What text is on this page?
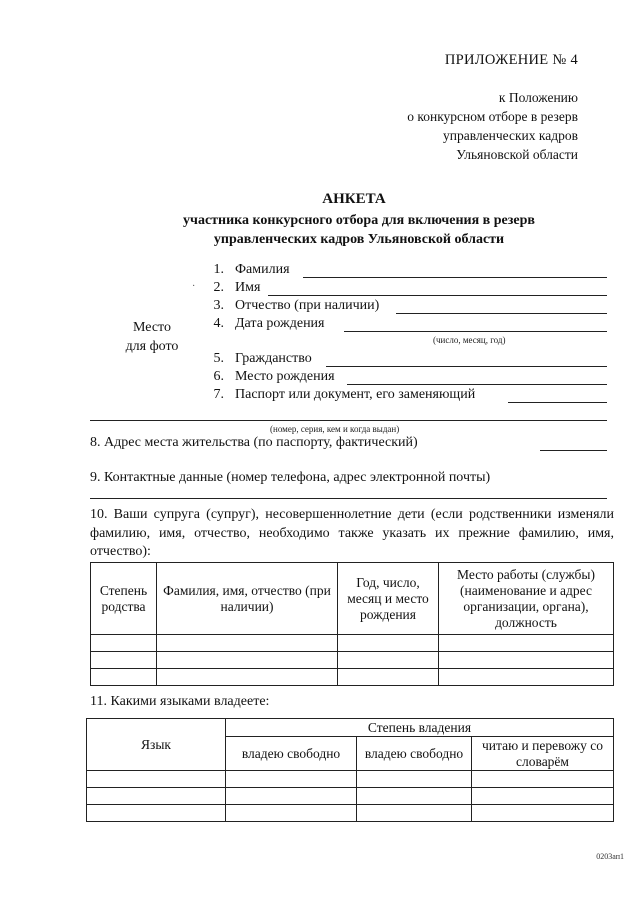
ПРИЛОЖЕНИЕ № 4
к Положению
о конкурсном отборе в резерв
управленческих кадров
Ульяновской области
АНКЕТА
участника конкурсного отбора для включения в резерв
управленческих кадров Ульяновской области
Место
для фото
1. Фамилия
·	2. Имя
3. Отчество (при наличии)
4. Дата рождения
(число, месяц, год)
5. Гражданство
6. Место рождения
7. Паспорт или документ, его заменяющий
(номер, серия, кем и когда выдан)
8. Адрес места жительства (по паспорту, фактический)
9. Контактные данные (номер телефона, адрес электронной почты)
10. Ваши супруга (супруг), несовершеннолетние дети (если родственники изменяли фамилию, имя, отчество, необходимо также указать их прежние фамилию, имя, отчество):
Степень родства	Фамилия, имя, отчество (при наличии)	Год, число, месяц и место рождения	Место работы (службы) (наименование и адрес организации, органа), должность

11. Какими языками владеете:
Язык	Степень владения		
	владею свободно	владею свободно	читаю и перевожу со словарём

0203ап1
